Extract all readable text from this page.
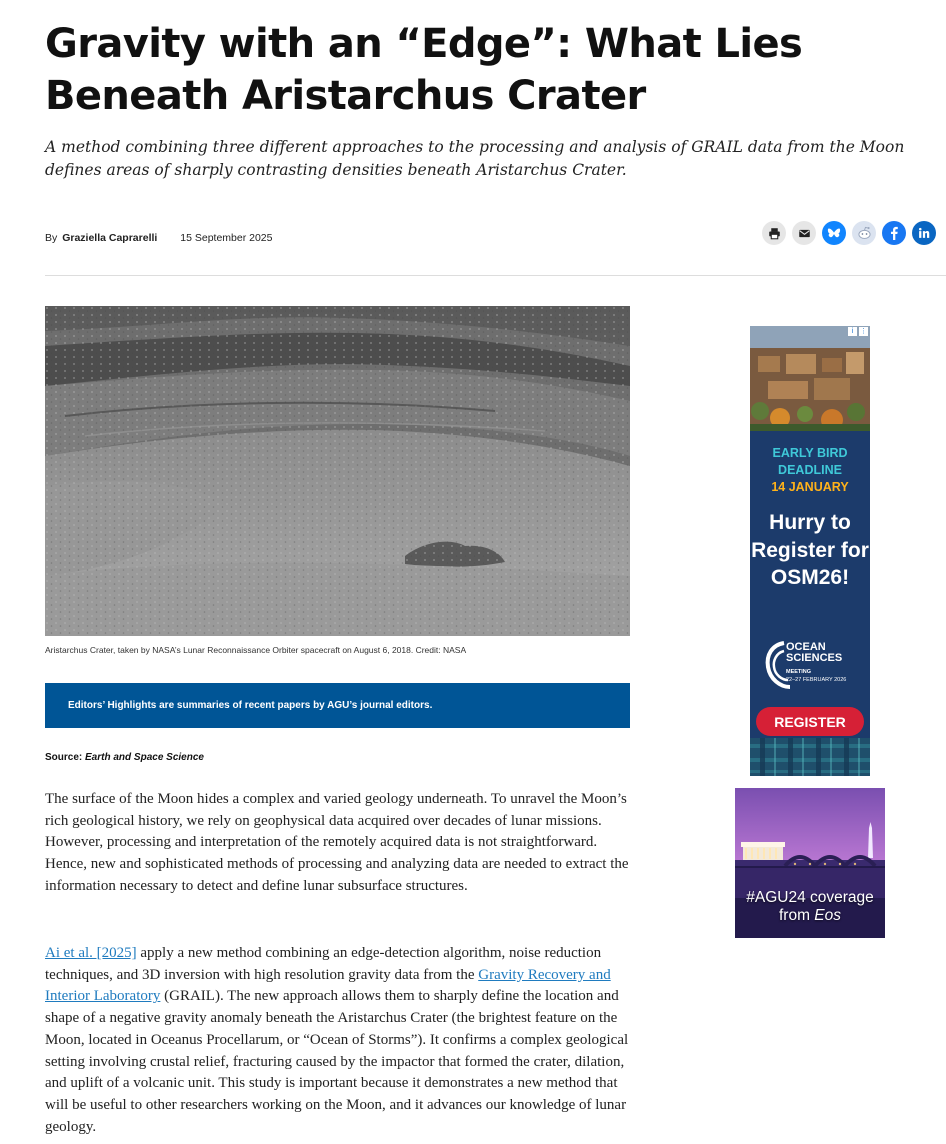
Gravity with an “Edge”: What Lies Beneath Aristarchus Crater

A method combining three different approaches to the processing and analysis of GRAIL data from the Moon defines areas of sharply contrasting densities beneath Aristarchus Crater.

By Graziella Caprarelli 15 September 2025
Aristarchus Crater, taken by NASA’s Lunar Reconnaissance Orbiter spacecraft on August 6, 2018. Credit: NASA
Editors’ Highlights are summaries of recent papers by AGU’s journal editors.
Source: Earth and Space Science

The surface of the Moon hides a complex and varied geology underneath. To unravel the Moon’s rich geological history, we rely on geophysical data acquired over decades of lunar missions. However, processing and interpretation of the remotely acquired data is not straightforward. Hence, new and sophisticated methods of processing and analyzing data are needed to extract the information necessary to detect and define lunar subsurface structures.

Ai et al. [2025] apply a new method combining an edge-detection algorithm, noise reduction techniques, and 3D inversion with high resolution gravity data from the Gravity Recovery and Interior Laboratory (GRAIL). The new approach allows them to sharply define the location and shape of a negative gravity anomaly beneath the Aristarchus Crater (the brightest feature on the Moon, located in Oceanus Procellarum, or “Ocean of Storms”). It confirms a complex geological setting involving crustal relief, fracturing caused by the impactor that formed the crater, dilation, and uplift of a volcanic unit. This study is important because it demonstrates a new method that will be useful to other researchers working on the Moon, and it advances our knowledge of lunar geology.

i ⋮
EARLY BIRD
DEADLINE
14 JANUARY
Hurry to Register for OSM26!
OCEAN
SCIENCES
MEETING
22–27 FEBRUARY 2026
REGISTER
#AGU24 coverage
from Eos
